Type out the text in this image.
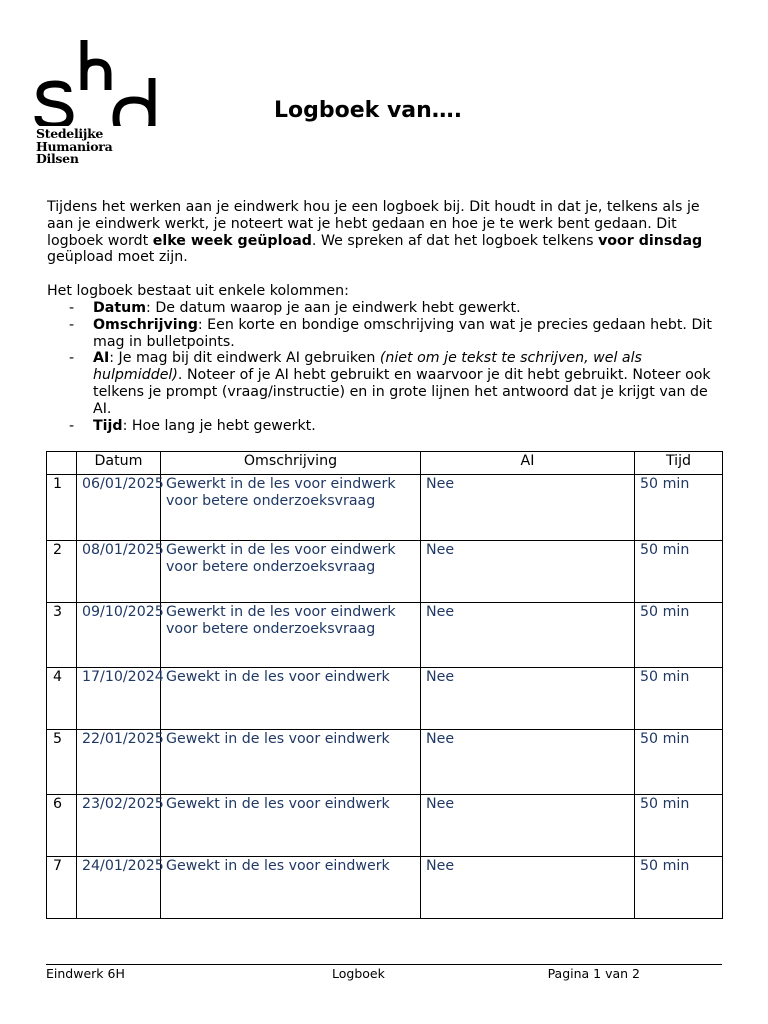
Stedelijke
Humaniora
Dilsen
Logboek van….

Tijdens het werken aan je eindwerk hou je een logboek bij. Dit houdt in dat je, telkens als je aan je eindwerk werkt, je noteert wat je hebt gedaan en hoe je te werk bent gedaan. Dit logboek wordt elke week geüpload. We spreken af dat het logboek telkens voor dinsdag geüpload moet zijn.

Het logboek bestaat uit enkele kolommen:

- Datum: De datum waarop je aan je eindwerk hebt gewerkt.
- Omschrijving: Een korte en bondige omschrijving van wat je precies gedaan hebt. Dit mag in bulletpoints.
- AI: Je mag bij dit eindwerk AI gebruiken (niet om je tekst te schrijven, wel als hulpmiddel). Noteer of je AI hebt gebruikt en waarvoor je dit hebt gebruikt. Noteer ook telkens je prompt (vraag/instructie) en in grote lijnen het antwoord dat je krijgt van de AI.
- Tijd: Hoe lang je hebt gewerkt.
	Datum	Omschrijving	AI	Tijd
1	06/01/2025	Gewerkt in de les voor eindwerk voor betere onderzoeksvraag	Nee	50 min
2	08/01/2025	Gewerkt in de les voor eindwerk voor betere onderzoeksvraag	Nee	50 min
3	09/10/2025	Gewerkt in de les voor eindwerk voor betere onderzoeksvraag	Nee	50 min
4	17/10/2024	Gewekt in de les voor eindwerk	Nee	50 min
5	22/01/2025	Gewekt in de les voor eindwerk	Nee	50 min
6	23/02/2025	Gewekt in de les voor eindwerk	Nee	50 min
7	24/01/2025	Gewekt in de les voor eindwerk	Nee	50 min
Eindwerk 6H	Logboek	Pagina 1 van 2
